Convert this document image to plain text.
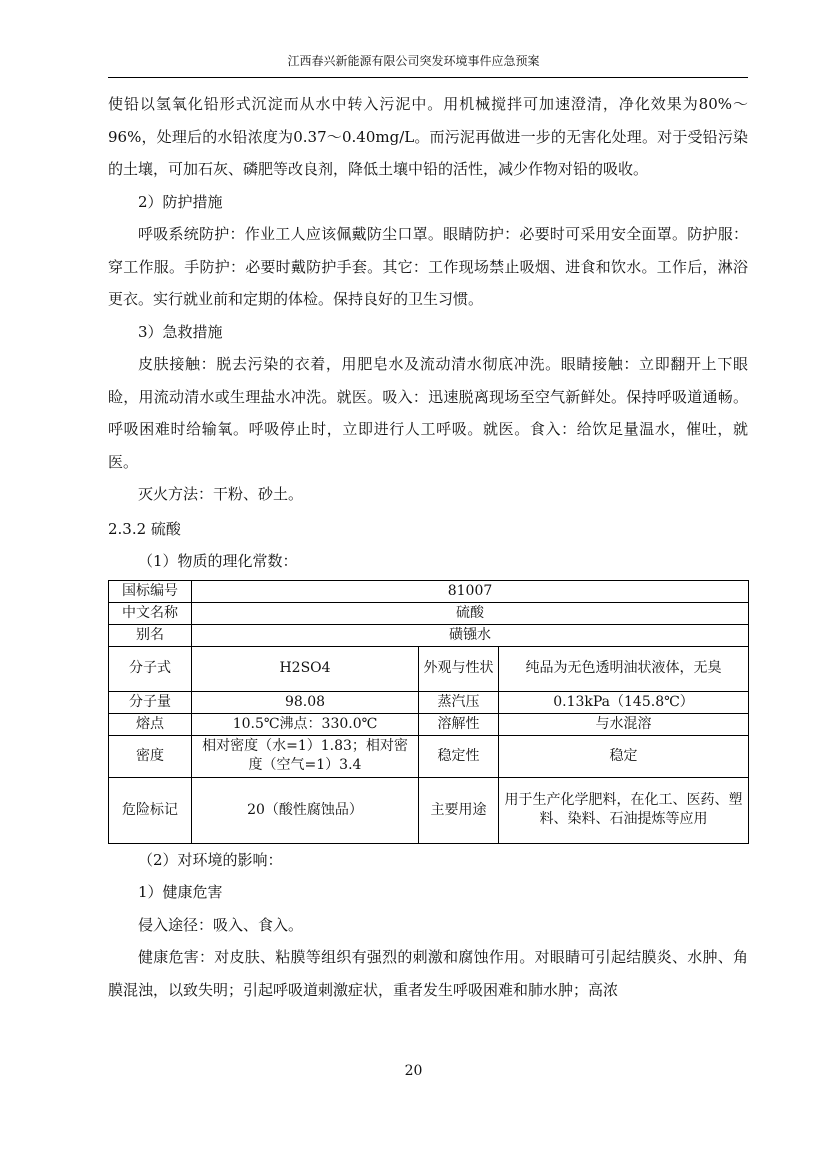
江西春兴新能源有限公司突发环境事件应急预案

使铅以氢氧化铅形式沉淀而从水中转入污泥中。用机械搅拌可加速澄清，净化效果为80%～96%，处理后的水铅浓度为0.37～0.40mg/L。而污泥再做进一步的无害化处理。对于受铅污染的土壤，可加石灰、磷肥等改良剂，降低土壤中铅的活性，减少作物对铅的吸收。

2）防护措施

呼吸系统防护：作业工人应该佩戴防尘口罩。眼睛防护：必要时可采用安全面罩。防护服：穿工作服。手防护：必要时戴防护手套。其它：工作现场禁止吸烟、进食和饮水。工作后，淋浴更衣。实行就业前和定期的体检。保持良好的卫生习惯。

3）急救措施

皮肤接触：脱去污染的衣着，用肥皂水及流动清水彻底冲洗。眼睛接触：立即翻开上下眼睑，用流动清水或生理盐水冲洗。就医。吸入：迅速脱离现场至空气新鲜处。保持呼吸道通畅。呼吸困难时给输氧。呼吸停止时，立即进行人工呼吸。就医。食入：给饮足量温水，催吐，就医。

灭火方法：干粉、砂土。

2.3.2 硫酸

（1）物质的理化常数：

国标编号	81007		
中文名称	硫酸		
别名	磺镪水		
分子式	H2SO4	外观与性状	纯品为无色透明油状液体，无臭
分子量	98.08	蒸汽压	0.13kPa（145.8℃）
熔点	10.5℃沸点：330.0℃	溶解性	与水混溶
密度	相对密度（水=1）1.83；相对密度（空气=1）3.4	稳定性	稳定
危险标记	20（酸性腐蚀品）	主要用途	用于生产化学肥料，在化工、医药、塑料、染料、石油提炼等应用

（2）对环境的影响：

1）健康危害

侵入途径：吸入、食入。

健康危害：对皮肤、粘膜等组织有强烈的刺激和腐蚀作用。对眼睛可引起结膜炎、水肿、角膜混浊，以致失明；引起呼吸道刺激症状，重者发生呼吸困难和肺水肿；高浓

20
